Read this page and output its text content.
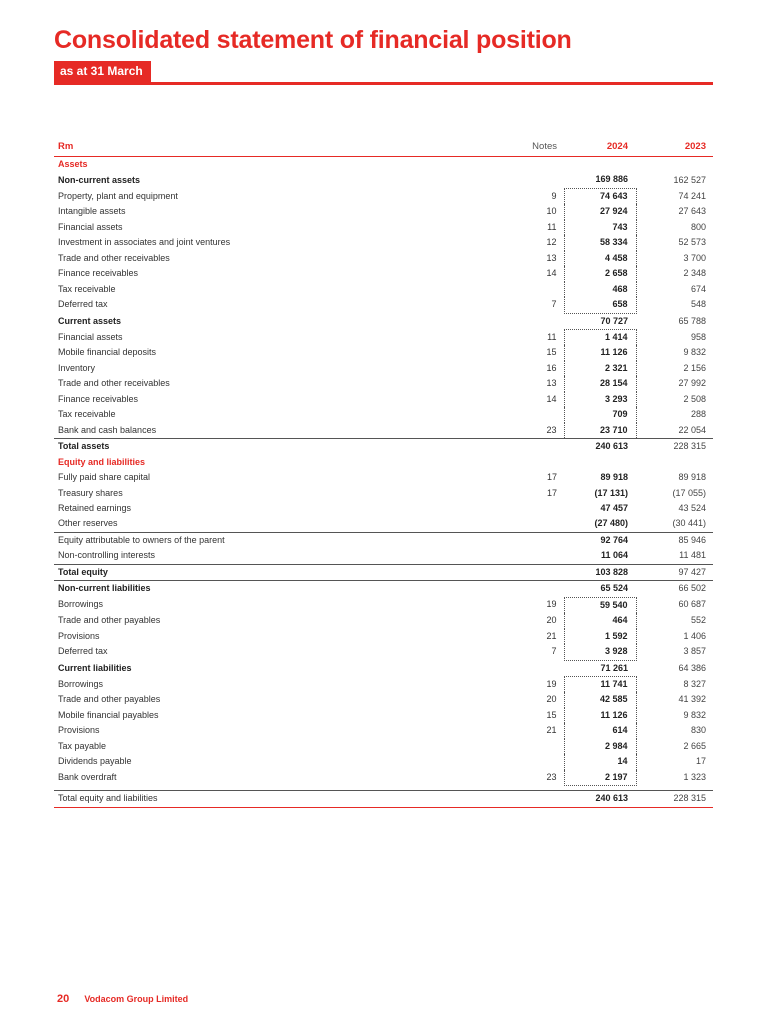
Consolidated statement of financial position
as at 31 March
Rm	Notes	2024	2023
Assets			
Non-current assets		169 886	162 527
Property, plant and equipment	9	74 643	74 241
Intangible assets	10	27 924	27 643
Financial assets	11	743	800
Investment in associates and joint ventures	12	58 334	52 573
Trade and other receivables	13	4 458	3 700
Finance receivables	14	2 658	2 348
Tax receivable		468	674
Deferred tax	7	658	548
Current assets		70 727	65 788
Financial assets	11	1 414	958
Mobile financial deposits	15	11 126	9 832
Inventory	16	2 321	2 156
Trade and other receivables	13	28 154	27 992
Finance receivables	14	3 293	2 508
Tax receivable		709	288
Bank and cash balances	23	23 710	22 054
Total assets		240 613	228 315
Equity and liabilities			
Fully paid share capital	17	89 918	89 918
Treasury shares	17	(17 131)	(17 055)
Retained earnings		47 457	43 524
Other reserves		(27 480)	(30 441)
Equity attributable to owners of the parent		92 764	85 946
Non-controlling interests		11 064	11 481
Total equity		103 828	97 427
Non-current liabilities		65 524	66 502
Borrowings	19	59 540	60 687
Trade and other payables	20	464	552
Provisions	21	1 592	1 406
Deferred tax	7	3 928	3 857
Current liabilities		71 261	64 386
Borrowings	19	11 741	8 327
Trade and other payables	20	42 585	41 392
Mobile financial payables	15	11 126	9 832
Provisions	21	614	830
Tax payable		2 984	2 665
Dividends payable		14	17
Bank overdraft	23	2 197	1 323

Total equity and liabilities		240 613	228 315
20 Vodacom Group Limited
